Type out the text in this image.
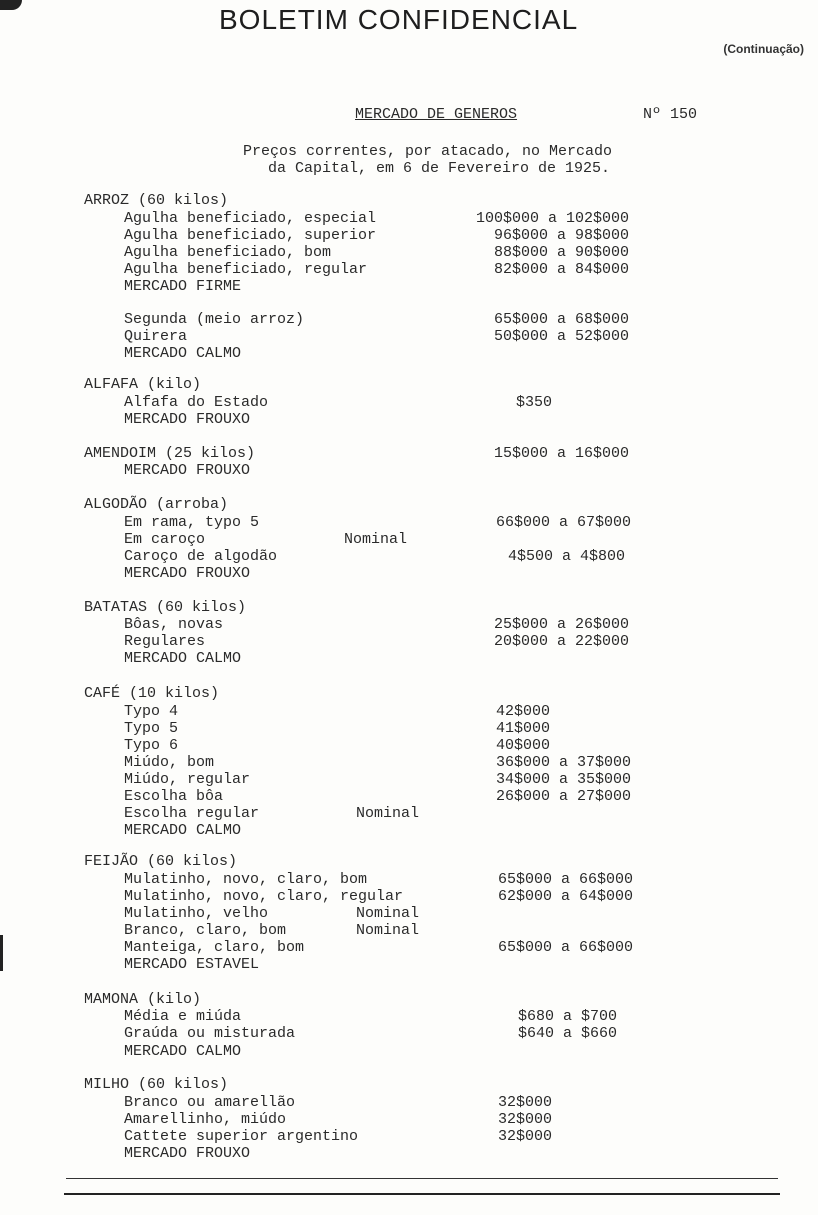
BOLETIM CONFIDENCIAL
(Continuação)
MERCADO DE GENEROS	Nº 150
Preços correntes, por atacado, no Mercado
da Capital, em 6 de Fevereiro de 1925.
ARROZ (60 kilos)
Agulha beneficiado, especial	100$000 a 102$000
Agulha beneficiado, superior	96$000 a 98$000
Agulha beneficiado, bom	88$000 a 90$000
Agulha beneficiado, regular	82$000 a 84$000
MERCADO FIRME
Segunda (meio arroz)	65$000 a 68$000
Quirera	50$000 a 52$000
MERCADO CALMO
ALFAFA (kilo)
Alfafa do Estado	$350
MERCADO FROUXO
AMENDOIM (25 kilos)	15$000 a 16$000
MERCADO FROUXO
ALGODÃO (arroba)
Em rama, typo 5	66$000 a 67$000
Em caroço	Nominal
Caroço de algodão	4$500 a 4$800
MERCADO FROUXO
BATATAS (60 kilos)
Bôas, novas	25$000 a 26$000
Regulares	20$000 a 22$000
MERCADO CALMO
CAFÉ (10 kilos)
Typo 4	42$000
Typo 5	41$000
Typo 6	40$000
Miúdo, bom	36$000 a 37$000
Miúdo, regular	34$000 a 35$000
Escolha bôa	26$000 a 27$000
Escolha regular	Nominal
MERCADO CALMO
FEIJÃO (60 kilos)
Mulatinho, novo, claro, bom	65$000 a 66$000
Mulatinho, novo, claro, regular	62$000 a 64$000
Mulatinho, velho	Nominal
Branco, claro, bom	Nominal
Manteiga, claro, bom	65$000 a 66$000
MERCADO ESTAVEL
MAMONA (kilo)
Média e miúda	$680 a $700
Graúda ou misturada	$640 a $660
MERCADO CALMO
MILHO (60 kilos)
Branco ou amarellão	32$000
Amarellinho, miúdo	32$000
Cattete superior argentino	32$000
MERCADO FROUXO
